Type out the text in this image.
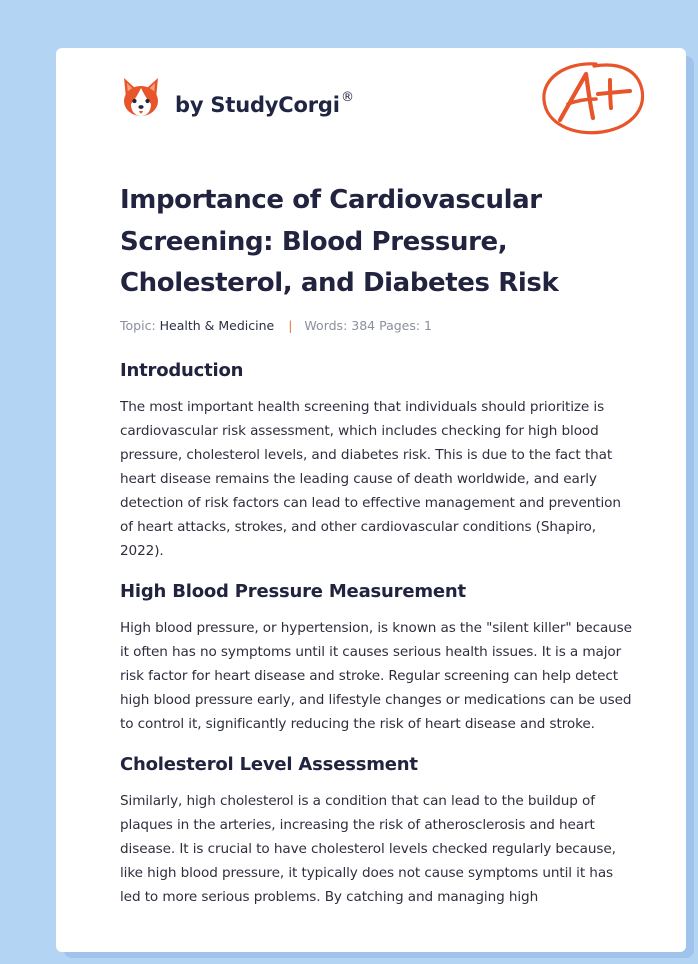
by StudyCorgi ®
Importance of Cardiovascular Screening: Blood Pressure, Cholesterol, and Diabetes Risk
Topic: Health & Medicine | Words: 384 Pages: 1
Introduction

The most important health screening that individuals should prioritize is cardiovascular risk assessment, which includes checking for high blood pressure, cholesterol levels, and diabetes risk. This is due to the fact that heart disease remains the leading cause of death worldwide, and early detection of risk factors can lead to effective management and prevention of heart attacks, strokes, and other cardiovascular conditions (Shapiro, 2022).

High Blood Pressure Measurement

High blood pressure, or hypertension, is known as the "silent killer" because it often has no symptoms until it causes serious health issues. It is a major risk factor for heart disease and stroke. Regular screening can help detect high blood pressure early, and lifestyle changes or medications can be used to control it, significantly reducing the risk of heart disease and stroke.

Cholesterol Level Assessment

Similarly, high cholesterol is a condition that can lead to the buildup of plaques in the arteries, increasing the risk of atherosclerosis and heart disease. It is crucial to have cholesterol levels checked regularly because, like high blood pressure, it typically does not cause symptoms until it has led to more serious problems. By catching and managing high
